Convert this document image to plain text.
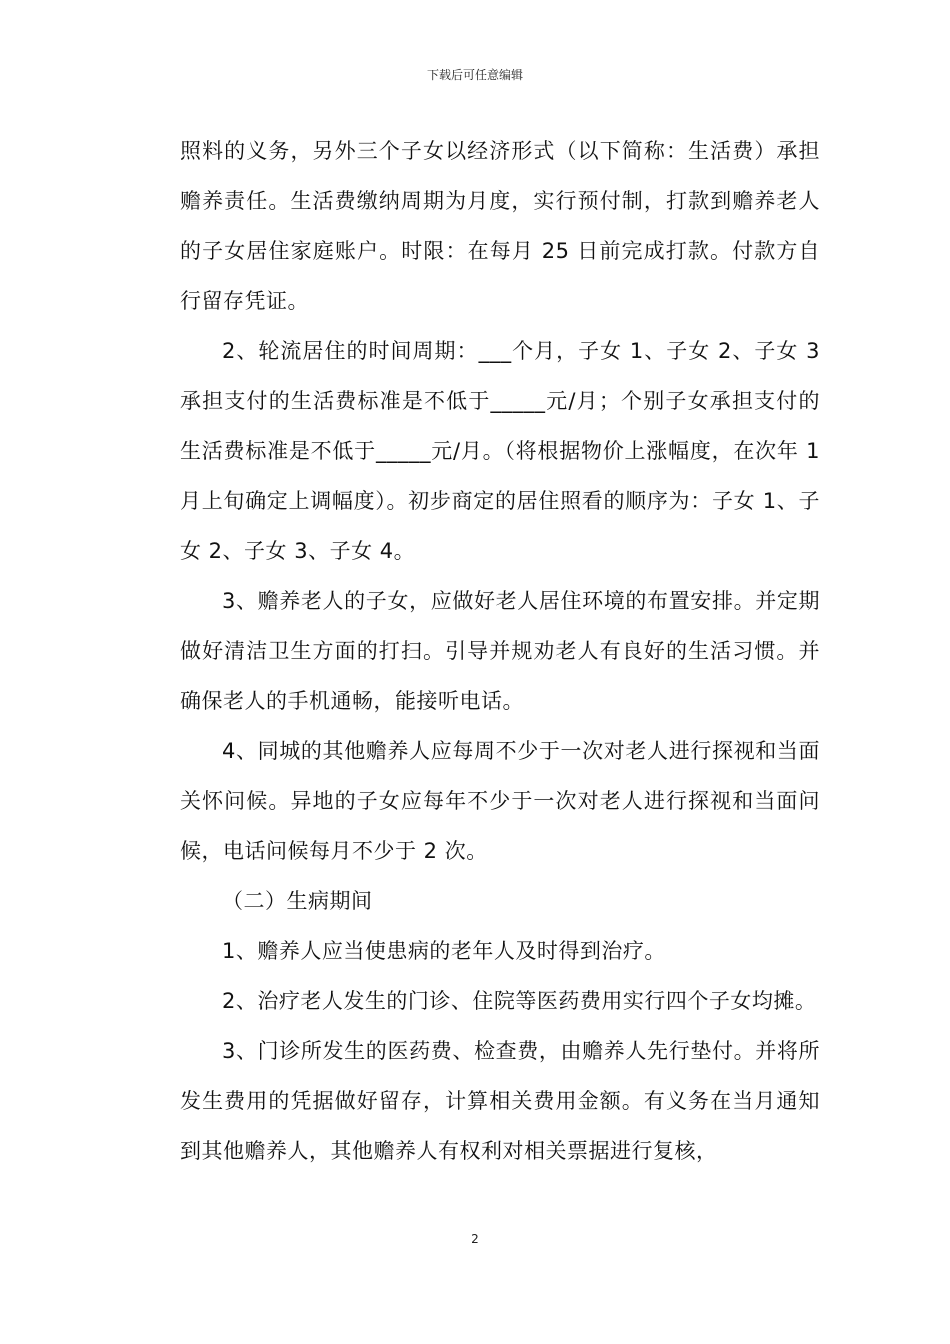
下载后可任意编辑

照料的义务，另外三个子女以经济形式（以下简称：生活费）承担赡养责任。生活费缴纳周期为月度，实行预付制，打款到赡养老人的子女居住家庭账户。时限：在每月 25 日前完成打款。付款方自行留存凭证。

2、轮流居住的时间周期：___个月，子女 1、子女 2、子女 3 承担支付的生活费标准是不低于_____元/月；个别子女承担支付的生活费标准是不低于_____元/月。（将根据物价上涨幅度，在次年 1 月上旬确定上调幅度）。初步商定的居住照看的顺序为：子女 1、子女 2、子女 3、子女 4。

3、赡养老人的子女，应做好老人居住环境的布置安排。并定期做好清洁卫生方面的打扫。引导并规劝老人有良好的生活习惯。并确保老人的手机通畅，能接听电话。

4、同城的其他赡养人应每周不少于一次对老人进行探视和当面关怀问候。异地的子女应每年不少于一次对老人进行探视和当面问候，电话问候每月不少于 2 次。

（二）生病期间

1、赡养人应当使患病的老年人及时得到治疗。

2、治疗老人发生的门诊、住院等医药费用实行四个子女均摊。

3、门诊所发生的医药费、检查费，由赡养人先行垫付。并将所发生费用的凭据做好留存，计算相关费用金额。有义务在当月通知到其他赡养人，其他赡养人有权利对相关票据进行复核，

2
